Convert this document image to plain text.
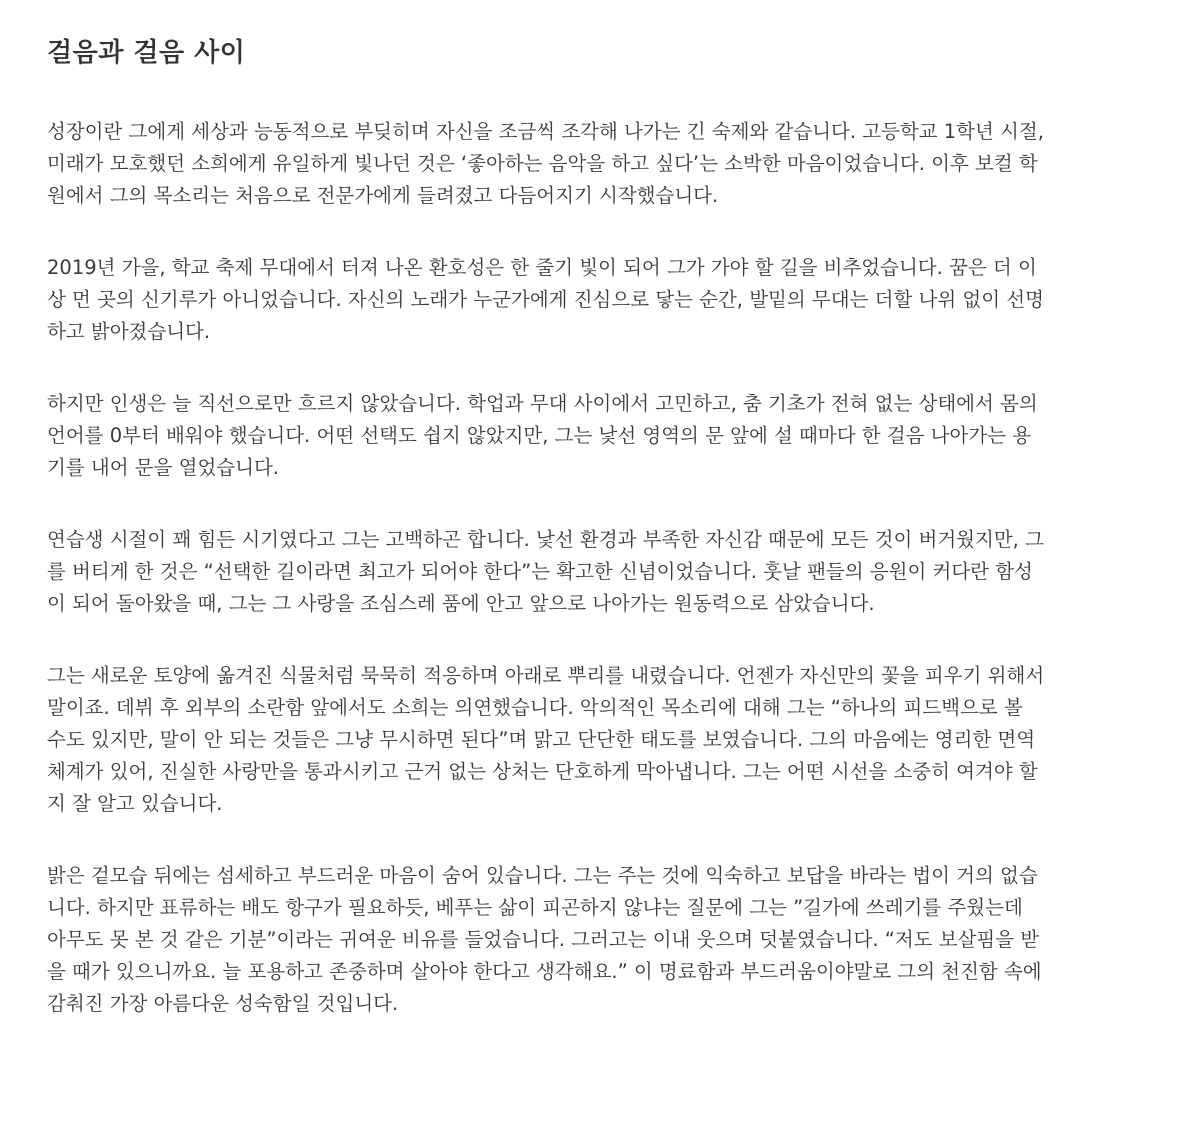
걸음과 걸음 사이
성장이란 그에게 세상과 능동적으로 부딪히며 자신을 조금씩 조각해 나가는 긴 숙제와 같습니다. 고등학교 1학년 시절,
미래가 모호했던 소희에게 유일하게 빛나던 것은 ‘좋아하는 음악을 하고 싶다’는 소박한 마음이었습니다. 이후 보컬 학
원에서 그의 목소리는 처음으로 전문가에게 들려졌고 다듬어지기 시작했습니다.
2019년 가을, 학교 축제 무대에서 터져 나온 환호성은 한 줄기 빛이 되어 그가 가야 할 길을 비추었습니다. 꿈은 더 이
상 먼 곳의 신기루가 아니었습니다. 자신의 노래가 누군가에게 진심으로 닿는 순간, 발밑의 무대는 더할 나위 없이 선명
하고 밝아졌습니다.
하지만 인생은 늘 직선으로만 흐르지 않았습니다. 학업과 무대 사이에서 고민하고, 춤 기초가 전혀 없는 상태에서 몸의
언어를 0부터 배워야 했습니다. 어떤 선택도 쉽지 않았지만, 그는 낯선 영역의 문 앞에 설 때마다 한 걸음 나아가는 용
기를 내어 문을 열었습니다.
연습생 시절이 꽤 힘든 시기였다고 그는 고백하곤 합니다. 낯선 환경과 부족한 자신감 때문에 모든 것이 버거웠지만, 그
를 버티게 한 것은 “선택한 길이라면 최고가 되어야 한다”는 확고한 신념이었습니다. 훗날 팬들의 응원이 커다란 함성
이 되어 돌아왔을 때, 그는 그 사랑을 조심스레 품에 안고 앞으로 나아가는 원동력으로 삼았습니다.
그는 새로운 토양에 옮겨진 식물처럼 묵묵히 적응하며 아래로 뿌리를 내렸습니다. 언젠가 자신만의 꽃을 피우기 위해서
말이죠. 데뷔 후 외부의 소란함 앞에서도 소희는 의연했습니다. 악의적인 목소리에 대해 그는 “하나의 피드백으로 볼
수도 있지만, 말이 안 되는 것들은 그냥 무시하면 된다”며 맑고 단단한 태도를 보였습니다. 그의 마음에는 영리한 면역
체계가 있어, 진실한 사랑만을 통과시키고 근거 없는 상처는 단호하게 막아냅니다. 그는 어떤 시선을 소중히 여겨야 할
지 잘 알고 있습니다.
밝은 겉모습 뒤에는 섬세하고 부드러운 마음이 숨어 있습니다. 그는 주는 것에 익숙하고 보답을 바라는 법이 거의 없습
니다. 하지만 표류하는 배도 항구가 필요하듯, 베푸는 삶이 피곤하지 않냐는 질문에 그는 ”길가에 쓰레기를 주웠는데
아무도 못 본 것 같은 기분”이라는 귀여운 비유를 들었습니다. 그러고는 이내 웃으며 덧붙였습니다. “저도 보살핌을 받
을 때가 있으니까요. 늘 포용하고 존중하며 살아야 한다고 생각해요.” 이 명료함과 부드러움이야말로 그의 천진함 속에
감춰진 가장 아름다운 성숙함일 것입니다.
